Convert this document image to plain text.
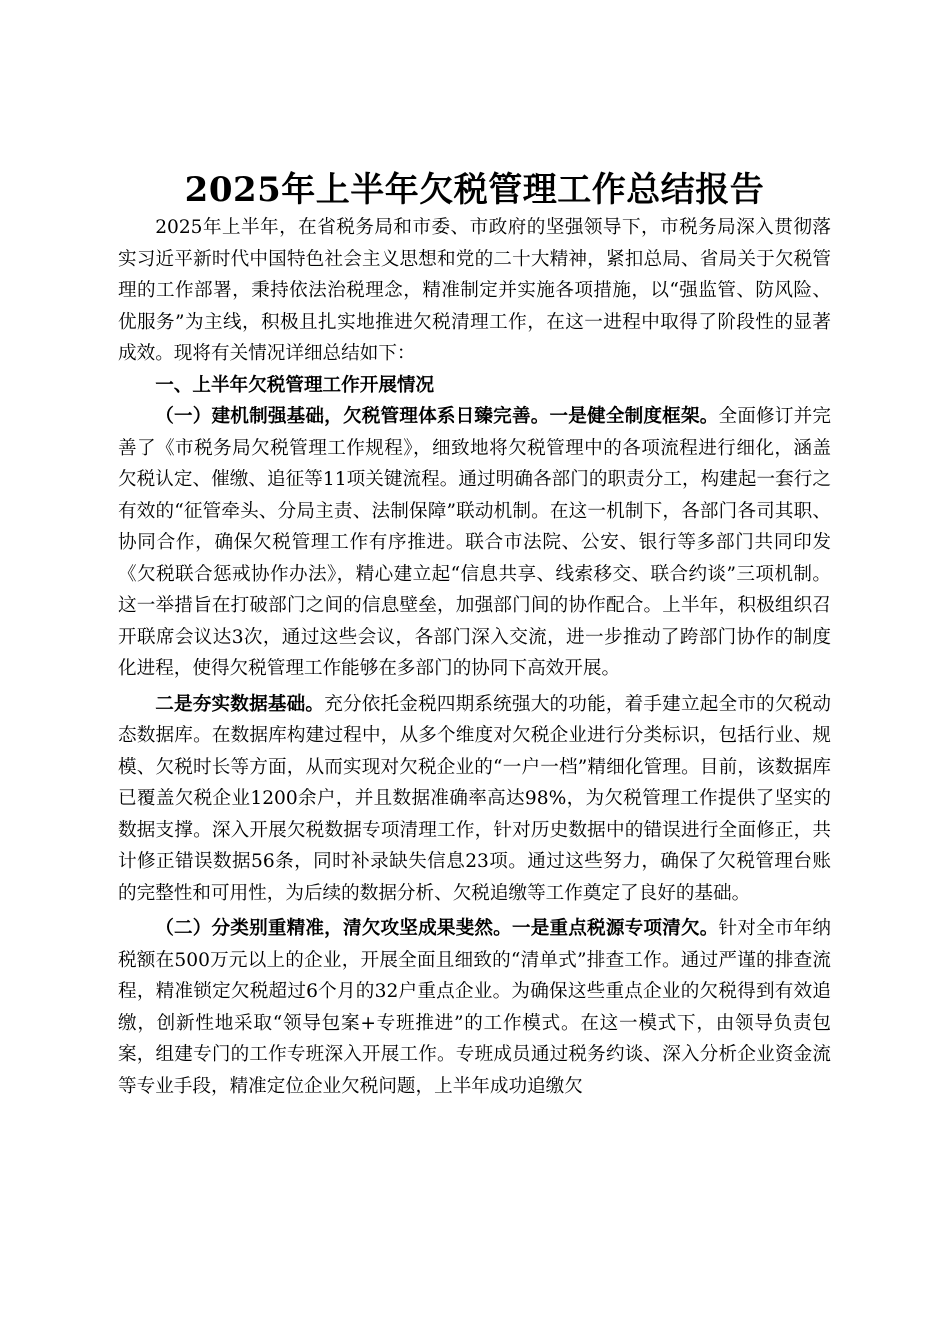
2025年上半年欠税管理工作总结报告

2025年上半年，在省税务局和市委、市政府的坚强领导下，市税务局深入贯彻落实习近平新时代中国特色社会主义思想和党的二十大精神，紧扣总局、省局关于欠税管理的工作部署，秉持依法治税理念，精准制定并实施各项措施，以“强监管、防风险、优服务”为主线，积极且扎实地推进欠税清理工作，在这一进程中取得了阶段性的显著成效。现将有关情况详细总结如下：

一、上半年欠税管理工作开展情况

（一）建机制强基础，欠税管理体系日臻完善。一是健全制度框架。全面修订并完善了《市税务局欠税管理工作规程》，细致地将欠税管理中的各项流程进行细化，涵盖欠税认定、催缴、追征等11项关键流程。通过明确各部门的职责分工，构建起一套行之有效的“征管牵头、分局主责、法制保障”联动机制。在这一机制下，各部门各司其职、协同合作，确保欠税管理工作有序推进。联合市法院、公安、银行等多部门共同印发《欠税联合惩戒协作办法》，精心建立起“信息共享、线索移交、联合约谈”三项机制。这一举措旨在打破部门之间的信息壁垒，加强部门间的协作配合。上半年，积极组织召开联席会议达3次，通过这些会议，各部门深入交流，进一步推动了跨部门协作的制度化进程，使得欠税管理工作能够在多部门的协同下高效开展。

二是夯实数据基础。充分依托金税四期系统强大的功能，着手建立起全市的欠税动态数据库。在数据库构建过程中，从多个维度对欠税企业进行分类标识，包括行业、规模、欠税时长等方面，从而实现对欠税企业的“一户一档”精细化管理。目前，该数据库已覆盖欠税企业1200余户，并且数据准确率高达98%，为欠税管理工作提供了坚实的数据支撑。深入开展欠税数据专项清理工作，针对历史数据中的错误进行全面修正，共计修正错误数据56条，同时补录缺失信息23项。通过这些努力，确保了欠税管理台账的完整性和可用性，为后续的数据分析、欠税追缴等工作奠定了良好的基础。

（二）分类别重精准，清欠攻坚成果斐然。一是重点税源专项清欠。针对全市年纳税额在500万元以上的企业，开展全面且细致的“清单式”排查工作。通过严谨的排查流程，精准锁定欠税超过6个月的32户重点企业。为确保这些重点企业的欠税得到有效追缴，创新性地采取“领导包案+专班推进”的工作模式。在这一模式下，由领导负责包案，组建专门的工作专班深入开展工作。专班成员通过税务约谈、深入分析企业资金流等专业手段，精准定位企业欠税问题，上半年成功追缴欠
